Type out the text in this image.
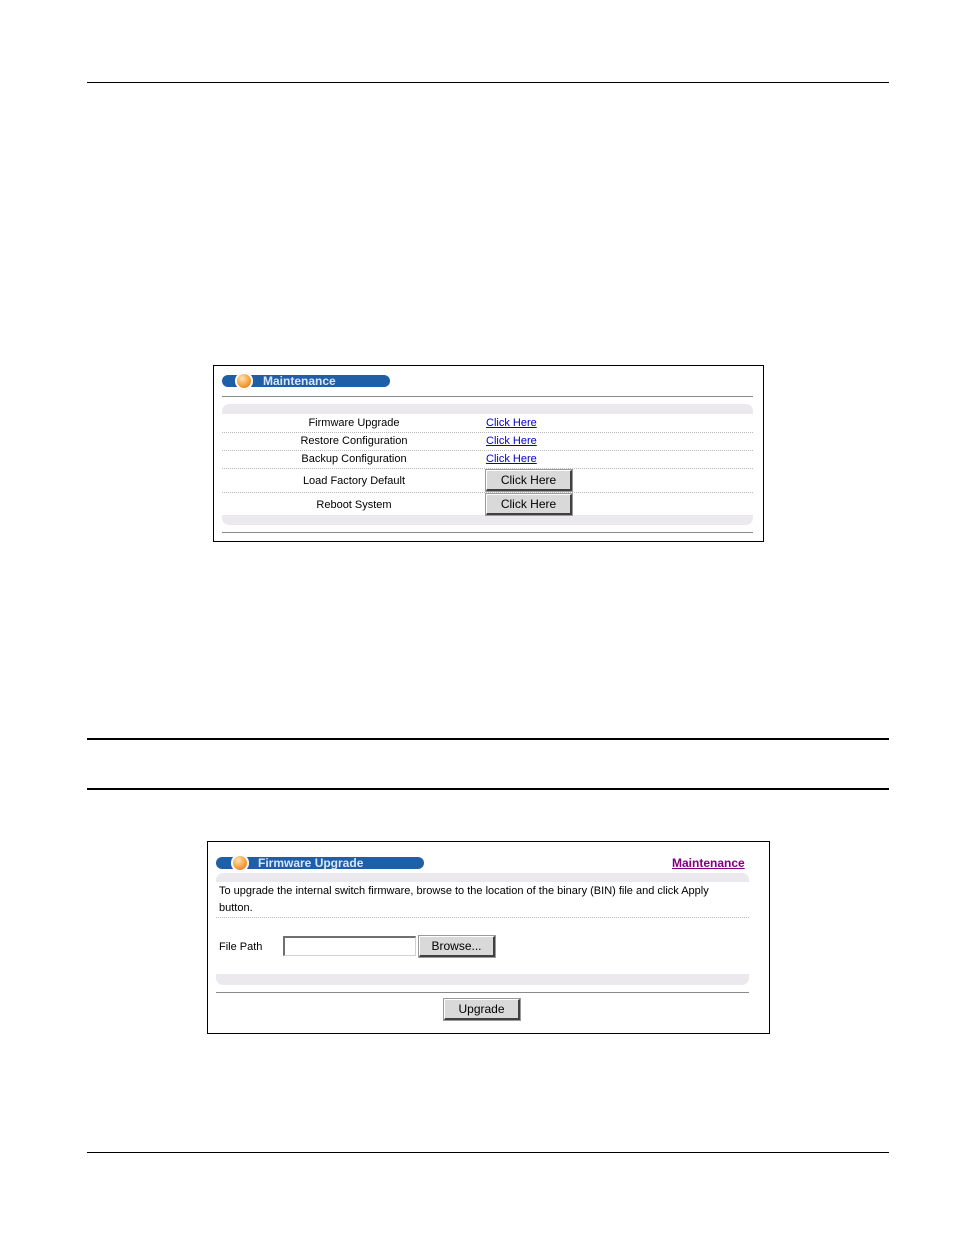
Maintenance
Firmware Upgrade	Click Here
Restore Configuration	Click Here
Backup Configuration	Click Here
Load Factory Default	Click Here
Reboot System	Click Here
Firmware Upgrade	Maintenance
To upgrade the internal switch firmware, browse to the location of the binary (BIN) file and click Apply
button.
File Path	Browse...
Upgrade
